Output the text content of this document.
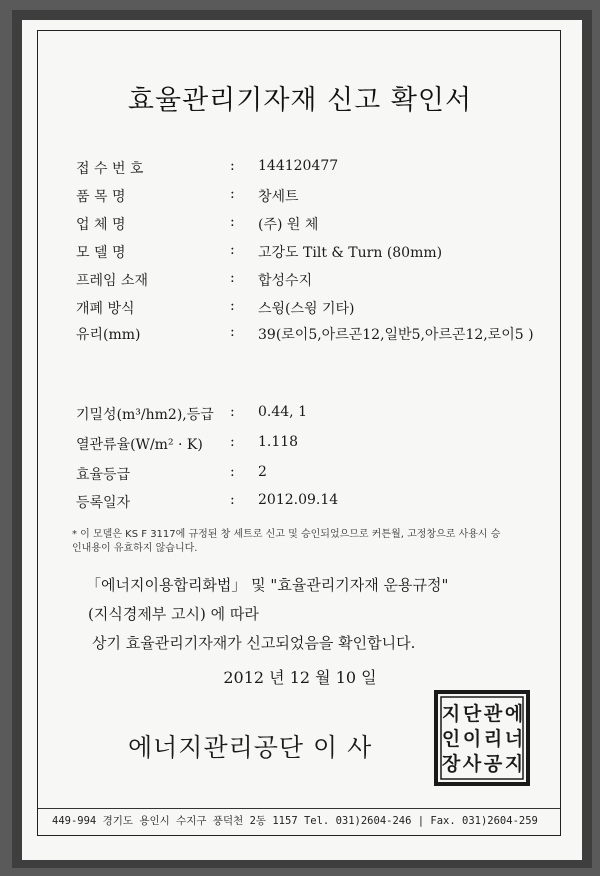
효율관리기자재 신고 확인서
접 수 번 호	: 144120477
품 목 명	: 창세트
업 체 명	: (주) 원 체
모 델 명	: 고강도 Tilt & Turn (80mm)
프레임 소재	: 합성수지
개폐 방식	: 스윙(스윙 기타)
유리(mm)	: 39(로이5,아르곤12,일반5,아르곤12,로이5 )
기밀성(m³/hm2),등급 : 0.44, 1
열관류율(W/m² · K) : 1.118
효율등급	: 2
등록일자	: 2012.09.14
* 이 모델은 KS F 3117에 규정된 창 세트로 신고 및 승인되었으므로 커튼월, 고정창으로 사용시 승인내용이 유효하지 않습니다.
「에너지이용합리화법」 및 "효율관리기자재 운용규정"
(지식경제부 고시) 에 따라
상기 효율관리기자재가 신고되었음을 확인합니다.
2012 년 12 월 10 일
에너지관리공단 이 사
에
너
지
관
리
공
단
이
사
지
인
장
449-994 경기도 용인시 수지구 풍덕천 2동 1157 Tel. 031)2604-246 | Fax. 031)2604-259
